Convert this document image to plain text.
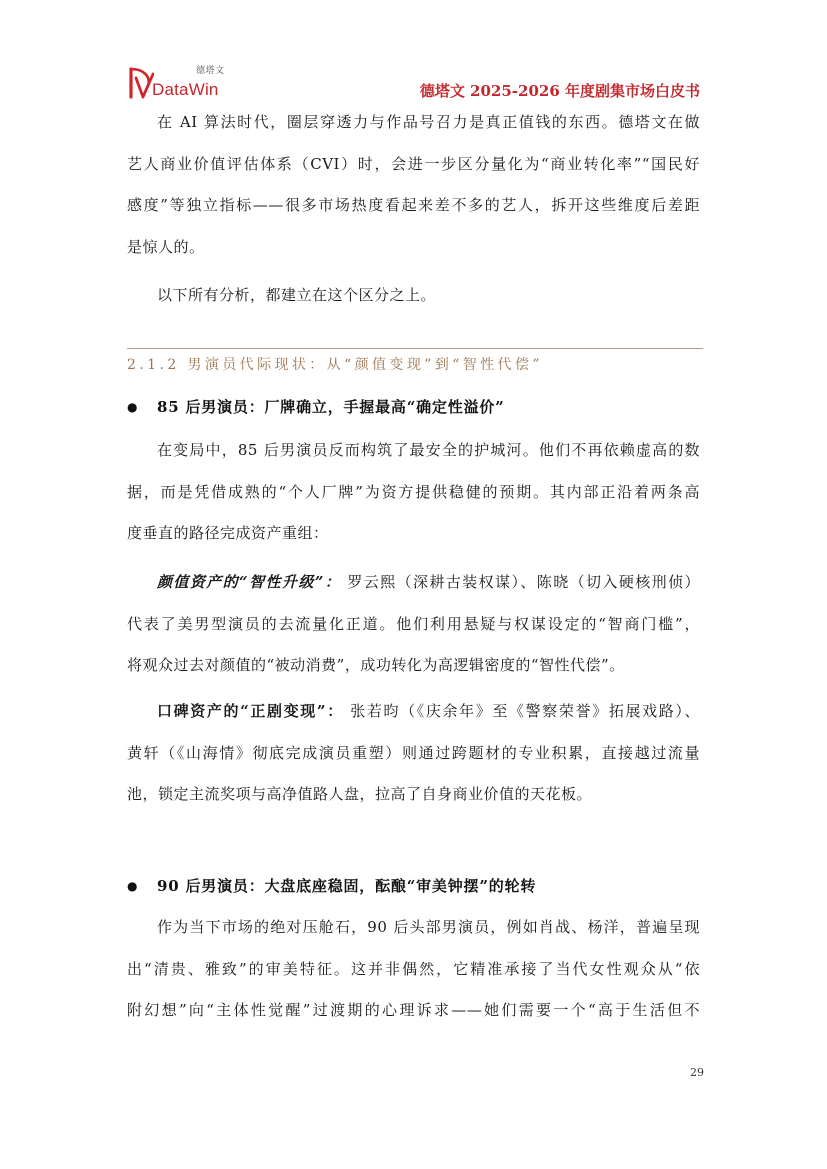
德塔文
DataWin	德塔文 2025-2026 年度剧集市场白皮书
在 AI 算法时代，圈层穿透力与作品号召力是真正值钱的东西。德塔文在做
艺人商业价值评估体系（CVI）时，会进一步区分量化为“商业转化率”“国民好
感度”等独立指标——很多市场热度看起来差不多的艺人，拆开这些维度后差距
是惊人的。
以下所有分析，都建立在这个区分之上。
2.1.2 男演员代际现状：从“颜值变现”到“智性代偿”
● 85 后男演员：厂牌确立，手握最高“确定性溢价”
在变局中，85 后男演员反而构筑了最安全的护城河。他们不再依赖虚高的数
据，而是凭借成熟的“个人厂牌”为资方提供稳健的预期。其内部正沿着两条高
度垂直的路径完成资产重组：
颜值资产的“智性升级”： 罗云熙（深耕古装权谋）、陈晓（切入硬核刑侦）
代表了美男型演员的去流量化正道。他们利用悬疑与权谋设定的“智商门槛”，
将观众过去对颜值的“被动消费”，成功转化为高逻辑密度的“智性代偿”。
口碑资产的“正剧变现”： 张若昀（《庆余年》至《警察荣誉》拓展戏路）、
黄轩（《山海情》彻底完成演员重塑）则通过跨题材的专业积累，直接越过流量
池，锁定主流奖项与高净值路人盘，拉高了自身商业价值的天花板。
● 90 后男演员：大盘底座稳固，酝酿“审美钟摆”的轮转
作为当下市场的绝对压舱石，90 后头部男演员，例如肖战、杨洋，普遍呈现
出“清贵、雅致”的审美特征。这并非偶然，它精准承接了当代女性观众从“依
附幻想”向“主体性觉醒”过渡期的心理诉求——她们需要一个“高于生活但不
29
